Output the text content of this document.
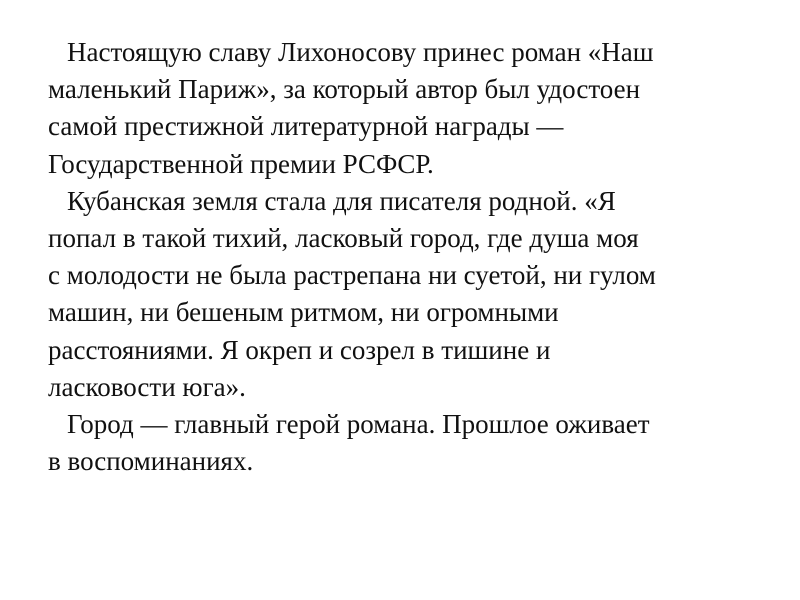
Настоящую славу Лихоносову принес роман «Наш
маленький Париж», за который автор был удостоен
самой престижной литературной награды —
Государственной премии РСФСР.

Кубанская земля стала для писателя родной. «Я
попал в такой тихий, ласковый город, где душа моя
с молодости не была растрепана ни суетой, ни гулом
машин, ни бешеным ритмом, ни огромными
расстояниями. Я окреп и созрел в тишине и
ласковости юга».

Город — главный герой романа. Прошлое оживает
в воспоминаниях.
